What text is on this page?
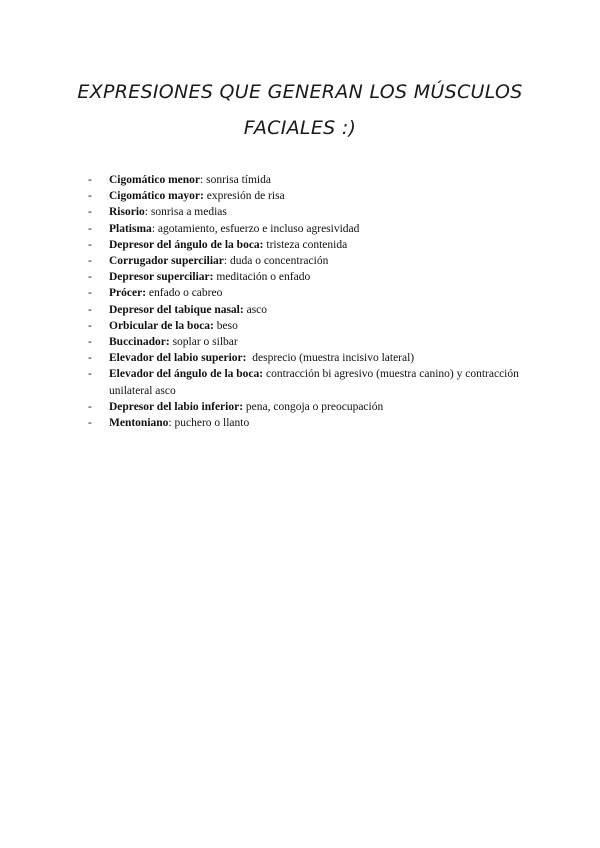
EXPRESIONES QUE GENERAN LOS MÚSCULOS
FACIALES :)
- Cigomático menor: sonrisa tímida
- Cigomático mayor: expresión de risa
- Risorio: sonrisa a medias
- Platisma: agotamiento, esfuerzo e incluso agresividad
- Depresor del ángulo de la boca: tristeza contenida
- Corrugador superciliar: duda o concentración
- Depresor superciliar: meditación o enfado
- Prócer: enfado o cabreo
- Depresor del tabique nasal: asco
- Orbicular de la boca: beso
- Buccinador: soplar o silbar
- Elevador del labio superior: desprecio (muestra incisivo lateral)
- Elevador del ángulo de la boca: contracción bi agresivo (muestra canino) y contracción unilateral asco
- Depresor del labio inferior: pena, congoja o preocupación
- Mentoniano: puchero o llanto
